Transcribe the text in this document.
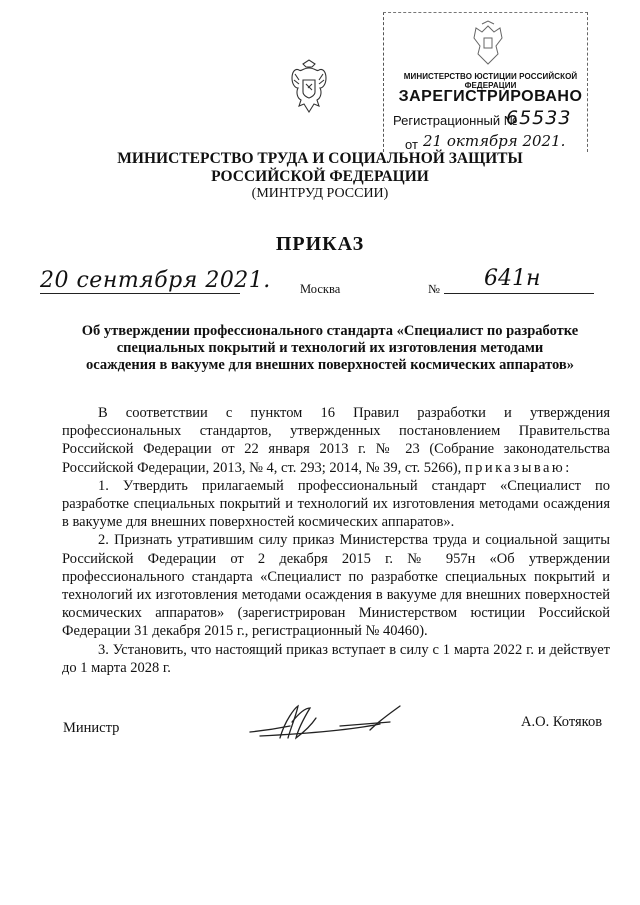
МИНИСТЕРСТВО ЮСТИЦИИ РОССИЙСКОЙ ФЕДЕРАЦИИ
ЗАРЕГИСТРИРОВАНО
Регистрационный №
65533
от 21 октября 2021.
МИНИСТЕРСТВО ТРУДА И СОЦИАЛЬНОЙ ЗАЩИТЫ
РОССИЙСКОЙ ФЕДЕРАЦИИ
(МИНТРУД РОССИИ)
ПРИКАЗ
20 сентября 2021. Москва	№ 641н
Об утверждении профессионального стандарта «Специалист по разработке специальных покрытий и технологий их изготовления методами осаждения в вакууме для внешних поверхностей космических аппаратов»

В соответствии с пунктом 16 Правил разработки и утверждения профессиональных стандартов, утвержденных постановлением Правительства Российской Федерации от 22 января 2013 г. № 23 (Собрание законодательства Российской Федерации, 2013, № 4, ст. 293; 2014, № 39, ст. 5266), приказываю:

1. Утвердить прилагаемый профессиональный стандарт «Специалист по разработке специальных покрытий и технологий их изготовления методами осаждения в вакууме для внешних поверхностей космических аппаратов».

2. Признать утратившим силу приказ Министерства труда и социальной защиты Российской Федерации от 2 декабря 2015 г. № 957н «Об утверждении профессионального стандарта «Специалист по разработке специальных покрытий и технологий их изготовления методами осаждения в вакууме для внешних поверхностей космических аппаратов» (зарегистрирован Министерством юстиции Российской Федерации 31 декабря 2015 г., регистрационный № 40460).

3. Установить, что настоящий приказ вступает в силу с 1 марта 2022 г. и действует до 1 марта 2028 г.

Министр	А.О. Котяков
